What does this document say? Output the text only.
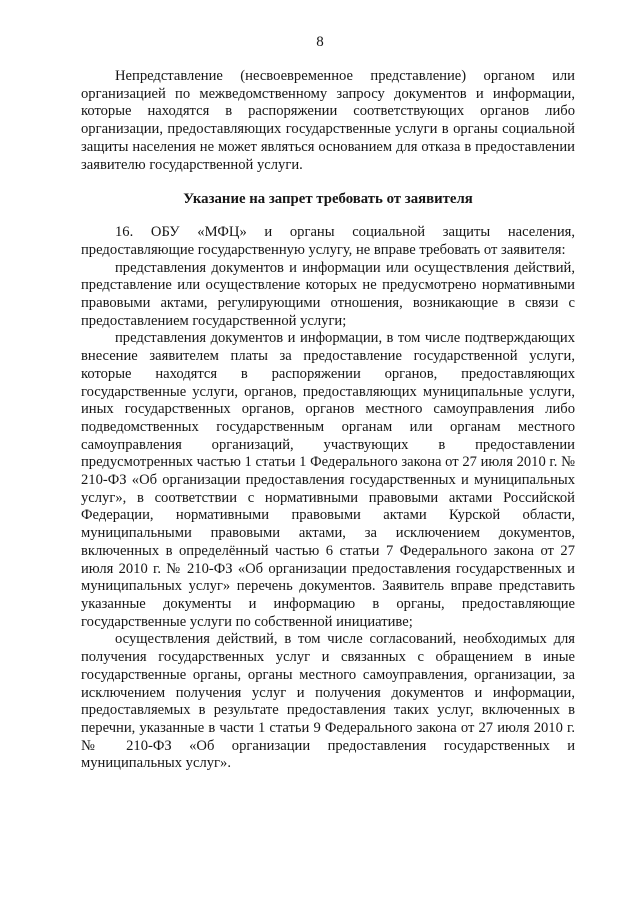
8

Непредставление (несвоевременное представление) органом или организацией по межведомственному запросу документов и информации, которые находятся в распоряжении соответствующих органов либо организации, предоставляющих государственные услуги в органы социальной защиты населения не может являться основанием для отказа в предоставлении заявителю государственной услуги.

Указание на запрет требовать от заявителя

16. ОБУ «МФЦ» и органы социальной защиты населения, предоставляющие государственную услугу, не вправе требовать от заявителя:

представления документов и информации или осуществления действий, представление или осуществление которых не предусмотрено нормативными правовыми актами, регулирующими отношения, возникающие в связи с предоставлением государственной услуги;

представления документов и информации, в том числе подтверждающих внесение заявителем платы за предоставление государственной услуги, которые находятся в распоряжении органов, предоставляющих государственные услуги, органов, предоставляющих муниципальные услуги, иных государственных органов, органов местного самоуправления либо подведомственных государственным органам или органам местного самоуправления организаций, участвующих в предоставлении предусмотренных частью 1 статьи 1 Федерального закона от 27 июля 2010 г. № 210-ФЗ «Об организации предоставления государственных и муниципальных услуг», в соответствии с нормативными правовыми актами Российской Федерации, нормативными правовыми актами Курской области, муниципальными правовыми актами, за исключением документов, включенных в определённый частью 6 статьи 7 Федерального закона от 27 июля 2010 г. № 210-ФЗ «Об организации предоставления государственных и муниципальных услуг» перечень документов. Заявитель вправе представить указанные документы и информацию в органы, предоставляющие государственные услуги по собственной инициативе;

осуществления действий, в том числе согласований, необходимых для получения государственных услуг и связанных с обращением в иные государственные органы, органы местного самоуправления, организации, за исключением получения услуг и получения документов и информации, предоставляемых в результате предоставления таких услуг, включенных в перечни, указанные в части 1 статьи 9 Федерального закона от 27 июля 2010 г. № 210-ФЗ «Об организации предоставления государственных и муниципальных услуг».
